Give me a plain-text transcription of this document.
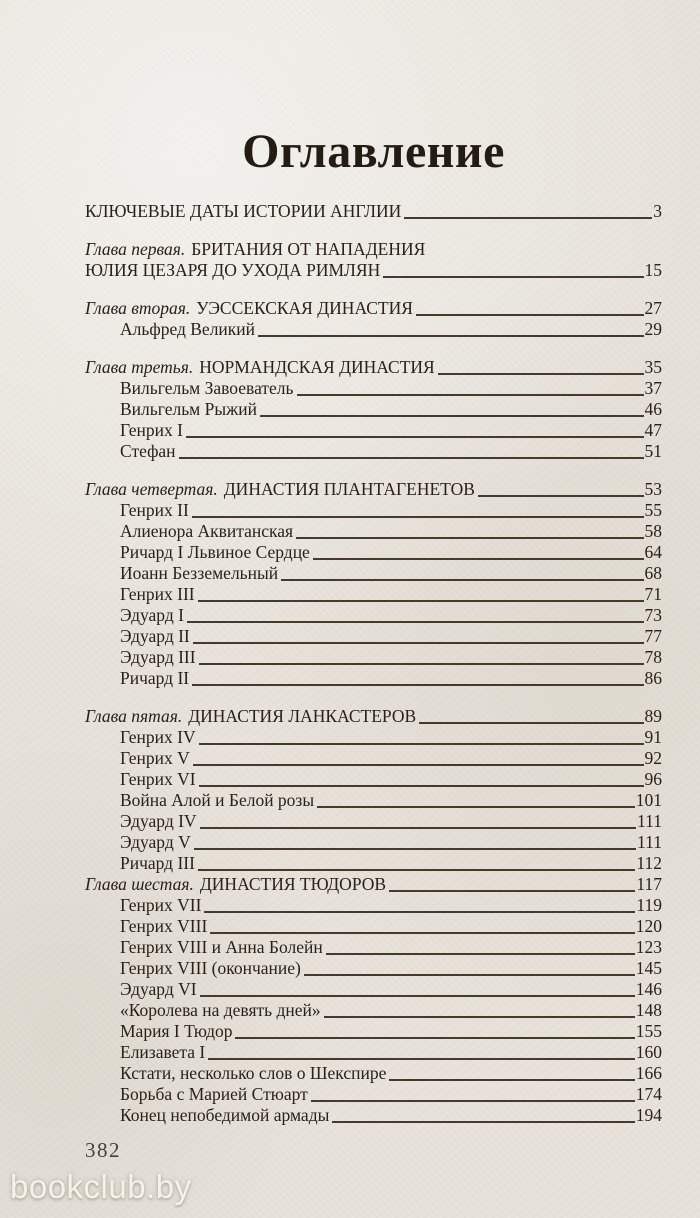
Оглавление
КЛЮЧЕВЫЕ ДАТЫ ИСТОРИИ АНГЛИИ	3
Глава первая. БРИТАНИЯ ОТ НАПАДЕНИЯ
ЮЛИЯ ЦЕЗАРЯ ДО УХОДА РИМЛЯН	15
Глава вторая. УЭССЕКСКАЯ ДИНАСТИЯ	27
Альфред Великий	29
Глава третья. НОРМАНДСКАЯ ДИНАСТИЯ	35
Вильгельм Завоеватель	37
Вильгельм Рыжий	46
Генрих I	47
Стефан	51
Глава четвертая. ДИНАСТИЯ ПЛАНТАГЕНЕТОВ	53
Генрих II	55
Алиенора Аквитанская	58
Ричард I Львиное Сердце	64
Иоанн Безземельный	68
Генрих III	71
Эдуард I	73
Эдуард II	77
Эдуард III	78
Ричард II	86
Глава пятая. ДИНАСТИЯ ЛАНКАСТЕРОВ	89
Генрих IV	91
Генрих V	92
Генрих VI	96
Война Алой и Белой розы	101
Эдуард IV	111
Эдуард V	111
Ричард III	112
Глава шестая. ДИНАСТИЯ ТЮДОРОВ	117
Генрих VII	119
Генрих VIII	120
Генрих VIII и Анна Болейн	123
Генрих VIII (окончание)	145
Эдуард VI	146
«Королева на девять дней»	148
Мария I Тюдор	155
Елизавета I	160
Кстати, несколько слов о Шекспире	166
Борьба с Марией Стюарт	174
Конец непобедимой армады	194
382
bookclub.by
